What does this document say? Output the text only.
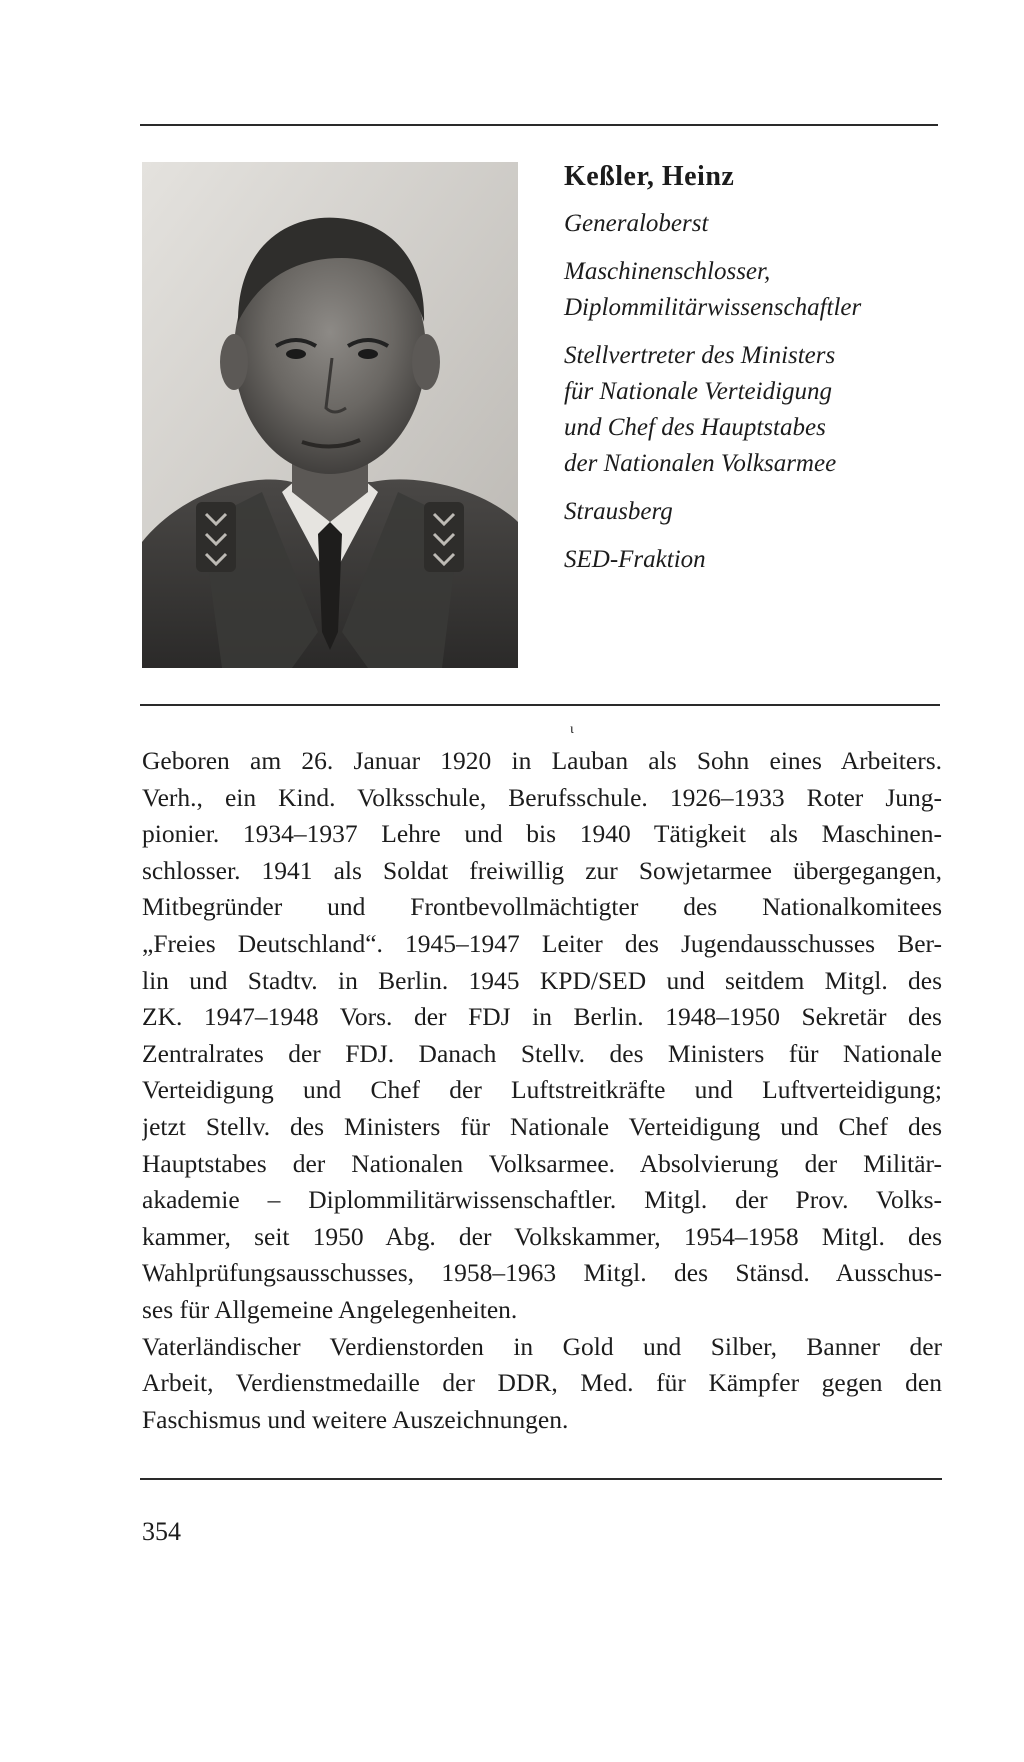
Keßler, Heinz
Generaloberst
Maschinenschlosser,
Diplommilitärwissenschaftler
Stellvertreter des Ministers
für Nationale Verteidigung
und Chef des Hauptstabes
der Nationalen Volksarmee
Strausberg
SED-Fraktion
ɩ

Geboren am 26. Januar 1920 in Lauban als Sohn eines Arbeiters.
Verh., ein Kind. Volksschule, Berufsschule. 1926–1933 Roter Jung-
pionier. 1934–1937 Lehre und bis 1940 Tätigkeit als Maschinen-
schlosser. 1941 als Soldat freiwillig zur Sowjetarmee übergegangen,
Mitbegründer und Frontbevollmächtigter des Nationalkomitees
„Freies Deutschland“. 1945–1947 Leiter des Jugendausschusses Ber-
lin und Stadtv. in Berlin. 1945 KPD/SED und seitdem Mitgl. des
ZK. 1947–1948 Vors. der FDJ in Berlin. 1948–1950 Sekretär des
Zentralrates der FDJ. Danach Stellv. des Ministers für Nationale
Verteidigung und Chef der Luftstreitkräfte und Luftverteidigung;
jetzt Stellv. des Ministers für Nationale Verteidigung und Chef des
Hauptstabes der Nationalen Volksarmee. Absolvierung der Militär-
akademie – Diplommilitärwissenschaftler. Mitgl. der Prov. Volks-
kammer, seit 1950 Abg. der Volkskammer, 1954–1958 Mitgl. des
Wahlprüfungsausschusses, 1958–1963 Mitgl. des Stänsd. Ausschus-
ses für Allgemeine Angelegenheiten.

Vaterländischer Verdienstorden in Gold und Silber, Banner der
Arbeit, Verdienstmedaille der DDR, Med. für Kämpfer gegen den
Faschismus und weitere Auszeichnungen.

354
